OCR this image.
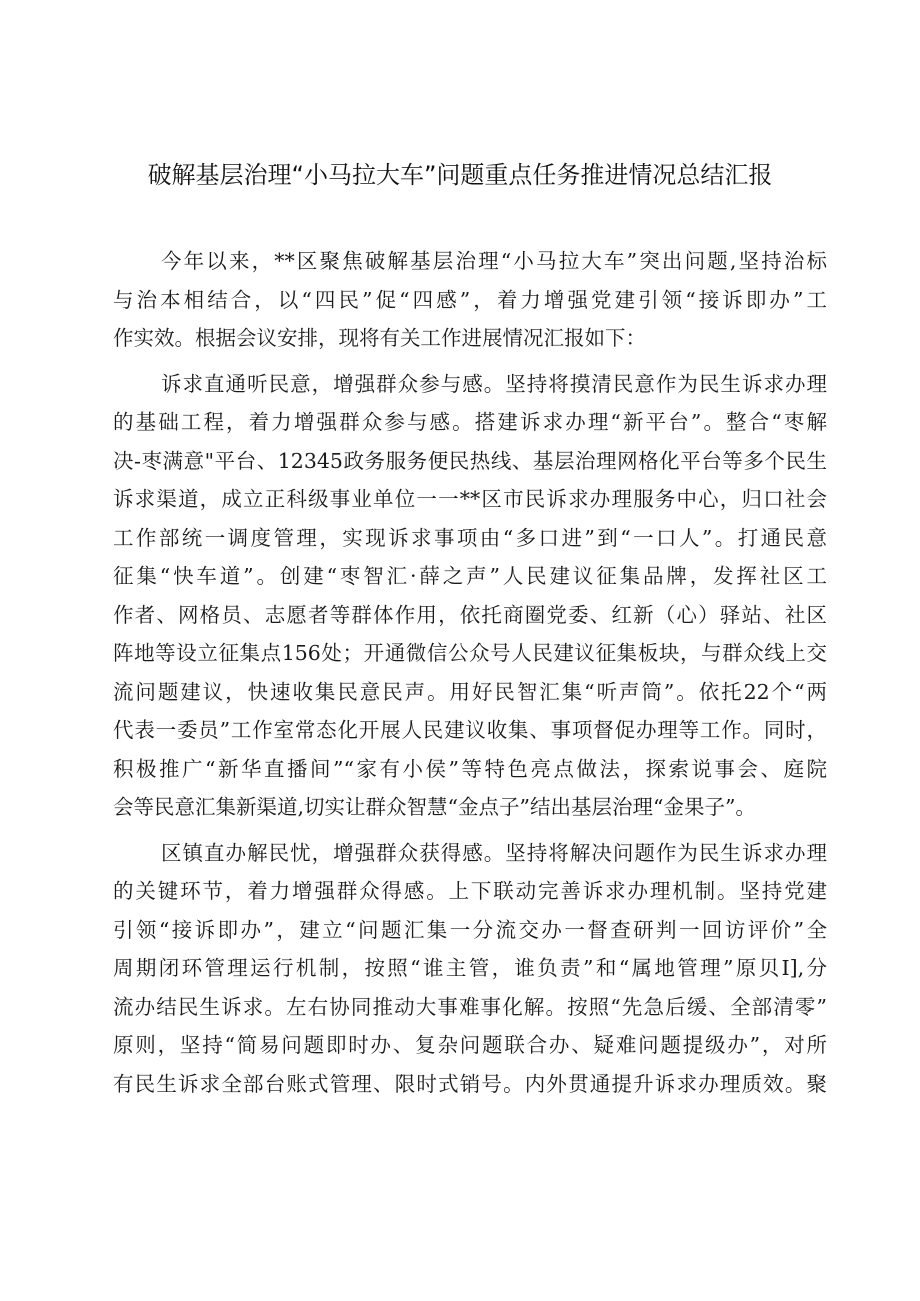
破解基层治理“小马拉大车”问题重点任务推进情况总结汇报
今年以来，**区聚焦破解基层治理“小马拉大车”突出问题,坚持治标
与治本相结合，以“四民”促“四感”，着力增强党建引领“接诉即办”工
作实效。根据会议安排，现将有关工作进展情况汇报如下：
诉求直通听民意，增强群众参与感。坚持将摸清民意作为民生诉求办理
的基础工程，着力增强群众参与感。搭建诉求办理“新平台”。整合“枣解
决-枣满意"平台、12345政务服务便民热线、基层治理网格化平台等多个民生
诉求渠道，成立正科级事业单位一一**区市民诉求办理服务中心，归口社会
工作部统一调度管理，实现诉求事项由“多口进”到“一口人”。打通民意
征集“快车道”。创建“枣智汇·薛之声”人民建议征集品牌，发挥社区工
作者、网格员、志愿者等群体作用，依托商圈党委、红新（心）驿站、社区
阵地等设立征集点156处；开通微信公众号人民建议征集板块，与群众线上交
流问题建议，快速收集民意民声。用好民智汇集“听声筒”。依托22个“两
代表一委员”工作室常态化开展人民建议收集、事项督促办理等工作。同时，
积极推广“新华直播间”“家有小侯”等特色亮点做法，探索说事会、庭院
会等民意汇集新渠道,切实让群众智慧“金点子”结出基层治理“金果子”。
区镇直办解民忧，增强群众获得感。坚持将解决问题作为民生诉求办理
的关键环节，着力增强群众得感。上下联动完善诉求办理机制。坚持党建
引领“接诉即办”，建立“问题汇集一分流交办一督查研判一回访评价”全
周期闭环管理运行机制，按照“谁主管，谁负责”和“属地管理”原贝I],分
流办结民生诉求。左右协同推动大事难事化解。按照“先急后缓、全部清零”
原则，坚持“简易问题即时办、复杂问题联合办、疑难问题提级办”，对所
有民生诉求全部台账式管理、限时式销号。内外贯通提升诉求办理质效。聚
